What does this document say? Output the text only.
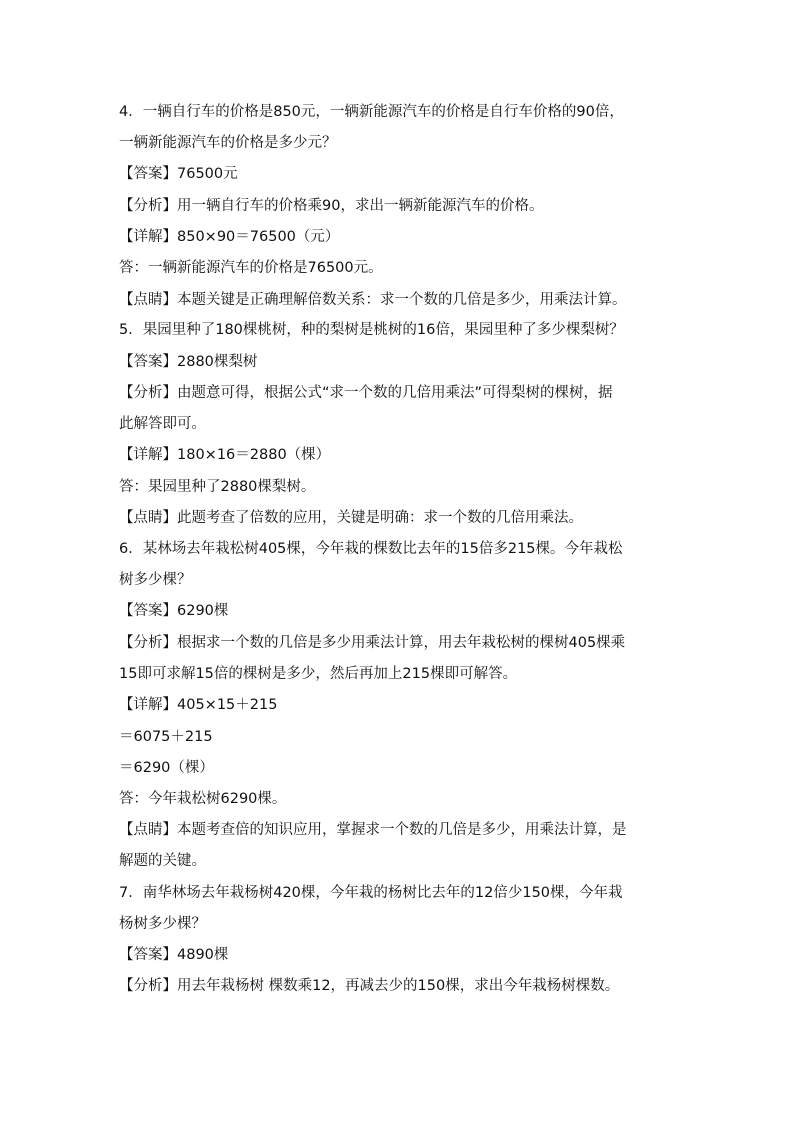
4．一辆自行车的价格是850元，一辆新能源汽车的价格是自行车价格的90倍，
一辆新能源汽车的价格是多少元？
【答案】76500元
【分析】用一辆自行车的价格乘90，求出一辆新能源汽车的价格。
【详解】850×90＝76500（元）
答：一辆新能源汽车的价格是76500元。
【点睛】本题关键是正确理解倍数关系：求一个数的几倍是多少，用乘法计算。
5．果园里种了180棵桃树，种的梨树是桃树的16倍，果园里种了多少棵梨树？
【答案】2880棵梨树
【分析】由题意可得，根据公式“求一个数的几倍用乘法”可得梨树的棵树，据
此解答即可。
【详解】180×16＝2880（棵）
答：果园里种了2880棵梨树。
【点睛】此题考查了倍数的应用，关键是明确：求一个数的几倍用乘法。
6．某林场去年栽松树405棵，今年栽的棵数比去年的15倍多215棵。今年栽松
树多少棵？
【答案】6290棵
【分析】根据求一个数的几倍是多少用乘法计算，用去年栽松树的棵树405棵乘
15即可求解15倍的棵树是多少，然后再加上215棵即可解答。
【详解】405×15＋215
＝6075＋215
＝6290（棵）
答：今年栽松树6290棵。
【点睛】本题考查倍的知识应用，掌握求一个数的几倍是多少，用乘法计算，是
解题的关键。
7．南华林场去年栽杨树420棵，今年栽的杨树比去年的12倍少150棵，今年栽
杨树多少棵？
【答案】4890棵
【分析】用去年栽杨树 棵数乘12，再减去少的150棵，求出今年栽杨树棵数。
